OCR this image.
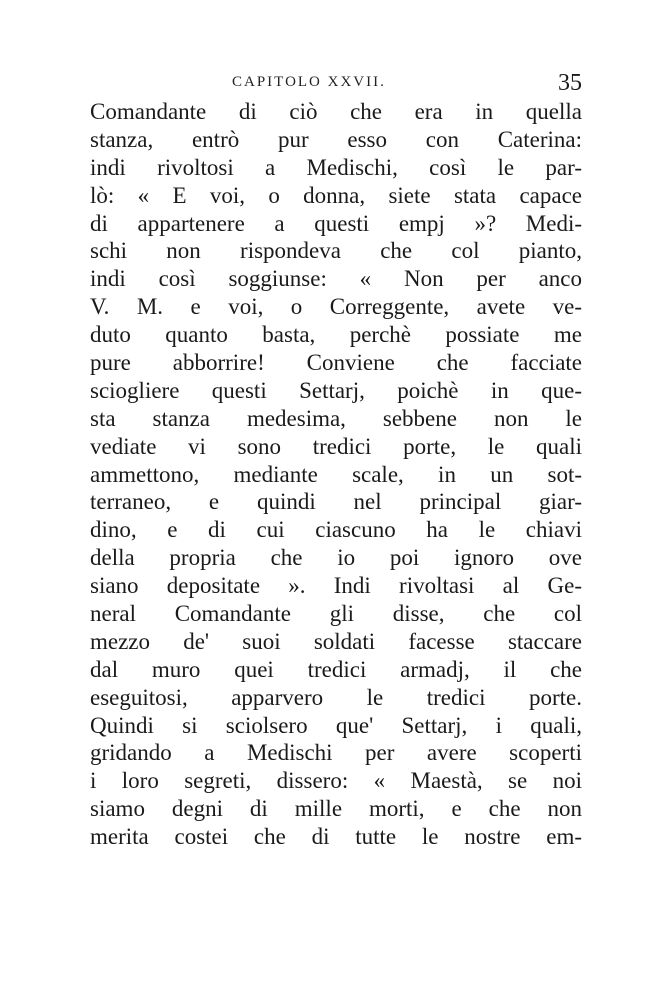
CAPITOLO XXVII.	35
Comandante di ciò che era in quella
stanza, entrò pur esso con Caterina:
indi rivoltosi a Medischi, così le par-
lò: « E voi, o donna, siete stata capace
di appartenere a questi empj »? Medi-
schi non rispondeva che col pianto,
indi così soggiunse: « Non per anco
V. M. e voi, o Correggente, avete ve-
duto quanto basta, perchè possiate me
pure abborrire! Conviene che facciate
sciogliere questi Settarj, poichè in que-
sta stanza medesima, sebbene non le
vediate vi sono tredici porte, le quali
ammettono, mediante scale, in un sot-
terraneo, e quindi nel principal giar-
dino, e di cui ciascuno ha le chiavi
della propria che io poi ignoro ove
siano depositate ». Indi rivoltasi al Ge-
neral Comandante gli disse, che col
mezzo de' suoi soldati facesse staccare
dal muro quei tredici armadj, il che
eseguitosi, apparvero le tredici porte.
Quindi si sciolsero que' Settarj, i quali,
gridando a Medischi per avere scoperti
i loro segreti, dissero: « Maestà, se noi
siamo degni di mille morti, e che non
merita costei che di tutte le nostre em-
